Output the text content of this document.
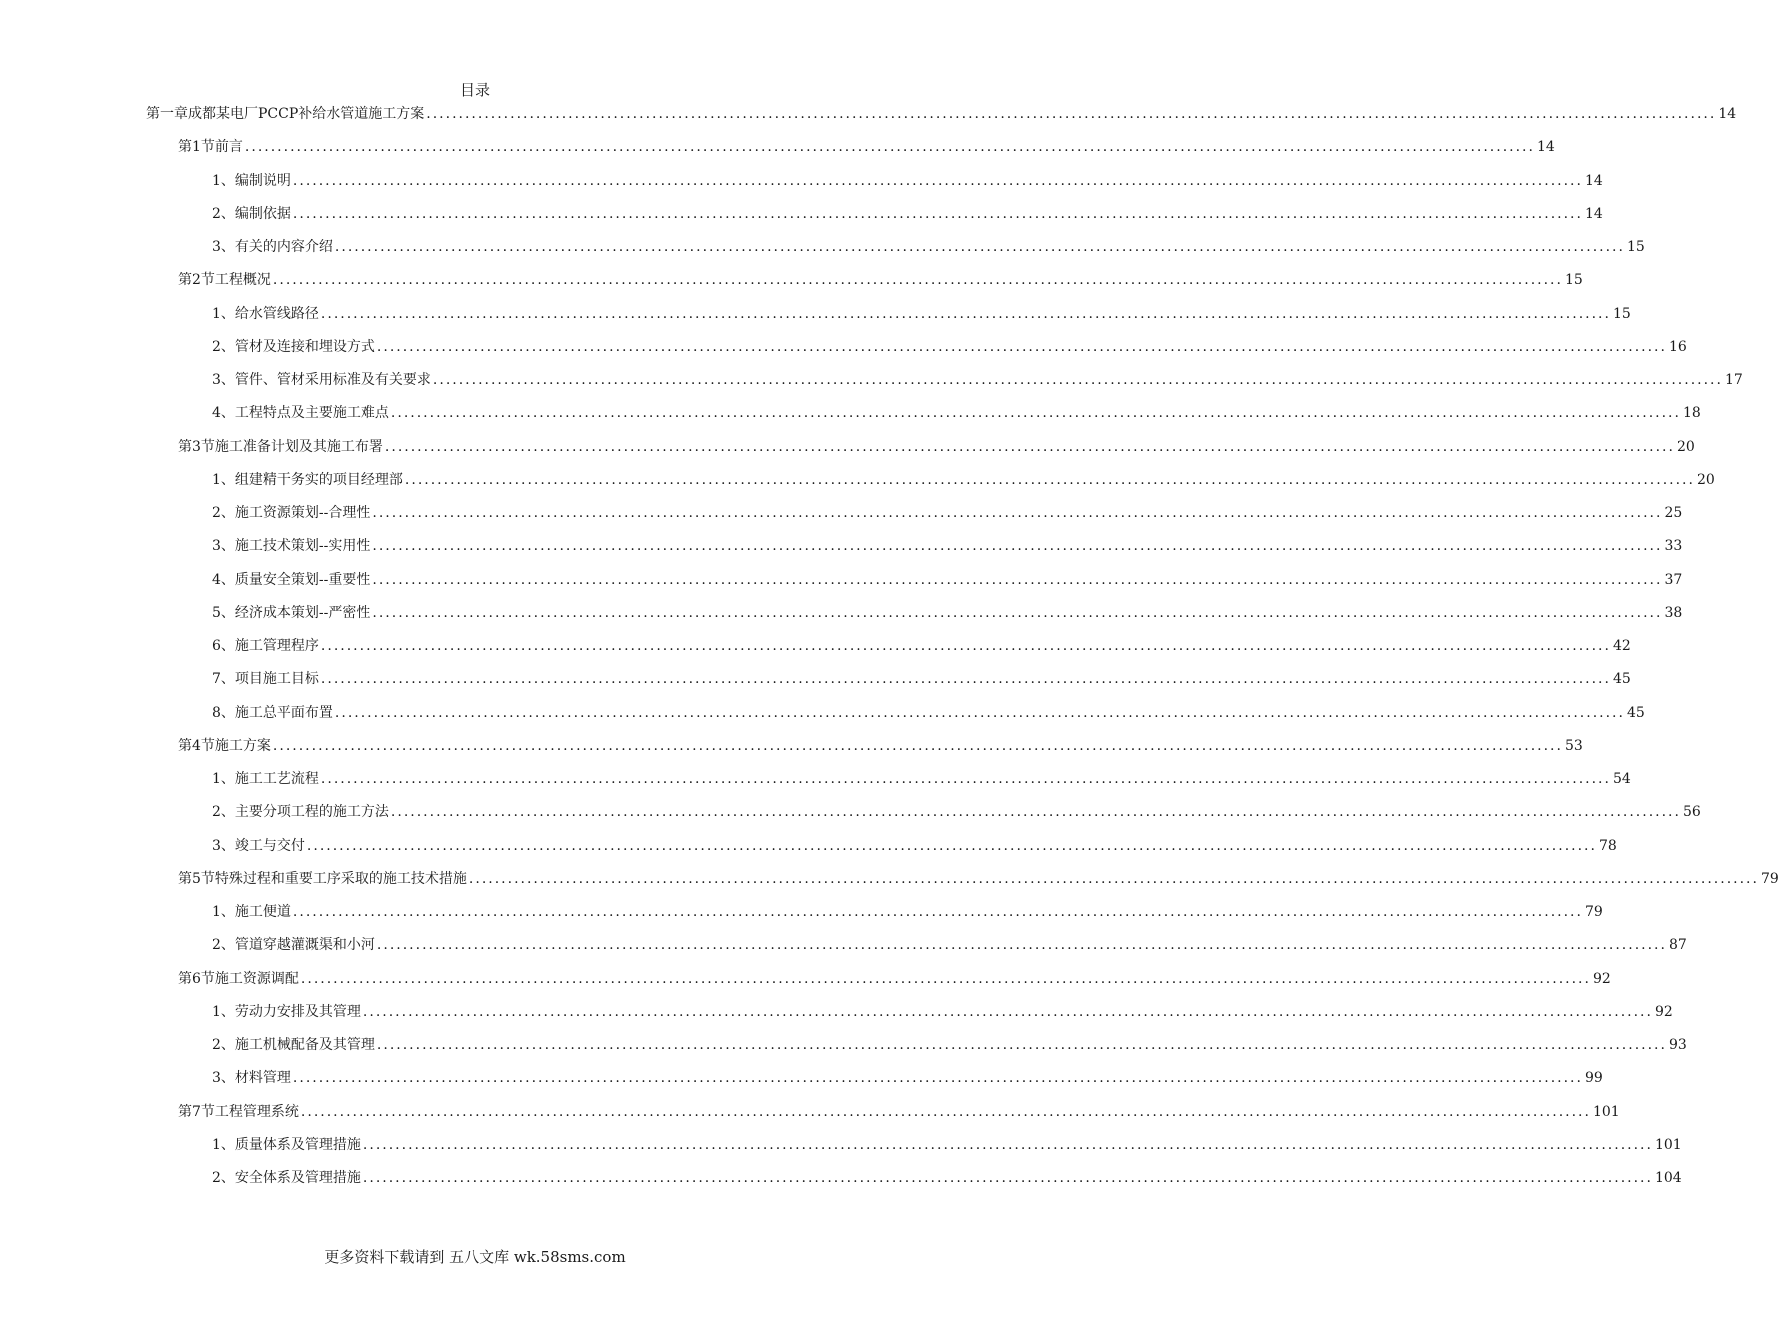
目录
第一章 成都某电厂PCCP补给水管道施工方案 ........................................................................................................................................................................................................ 14
第1节 前言 ........................................................................................................................................................................................................ 14
1、 编制说明 ........................................................................................................................................................................................................ 14
2、 编制依据 ........................................................................................................................................................................................................ 14
3、 有关的内容介绍 ........................................................................................................................................................................................................ 15
第2节 工程概况 ........................................................................................................................................................................................................ 15
1、 给水管线路径 ........................................................................................................................................................................................................ 15
2、 管材及连接和埋设方式 ........................................................................................................................................................................................................ 16
3、 管件、管材采用标准及有关要求 ........................................................................................................................................................................................................ 17
4、 工程特点及主要施工难点 ........................................................................................................................................................................................................ 18
第3节 施工准备计划及其施工布署 ........................................................................................................................................................................................................ 20
1、 组建精干务实的项目经理部 ........................................................................................................................................................................................................ 20
2、 施工资源策划--合理性 ........................................................................................................................................................................................................ 25
3、 施工技术策划--实用性 ........................................................................................................................................................................................................ 33
4、 质量安全策划--重要性 ........................................................................................................................................................................................................ 37
5、 经济成本策划--严密性 ........................................................................................................................................................................................................ 38
6、 施工管理程序 ........................................................................................................................................................................................................ 42
7、 项目施工目标 ........................................................................................................................................................................................................ 45
8、 施工总平面布置 ........................................................................................................................................................................................................ 45
第4节 施工方案 ........................................................................................................................................................................................................ 53
1、 施工工艺流程 ........................................................................................................................................................................................................ 54
2、 主要分项工程的施工方法 ........................................................................................................................................................................................................ 56
3、 竣工与交付 ........................................................................................................................................................................................................ 78
第5节 特殊过程和重要工序采取的施工技术措施 ........................................................................................................................................................................................................ 79
1、 施工便道 ........................................................................................................................................................................................................ 79
2、 管道穿越灌溉渠和小河 ........................................................................................................................................................................................................ 87
第6节 施工资源调配 ........................................................................................................................................................................................................ 92
1、 劳动力安排及其管理 ........................................................................................................................................................................................................ 92
2、 施工机械配备及其管理 ........................................................................................................................................................................................................ 93
3、 材料管理 ........................................................................................................................................................................................................ 99
第7节 工程管理系统 ........................................................................................................................................................................................................ 101
1、 质量体系及管理措施 ........................................................................................................................................................................................................ 101
2、 安全体系及管理措施 ........................................................................................................................................................................................................ 104
更多资料下载请到 五八文库 wk.58sms.com
